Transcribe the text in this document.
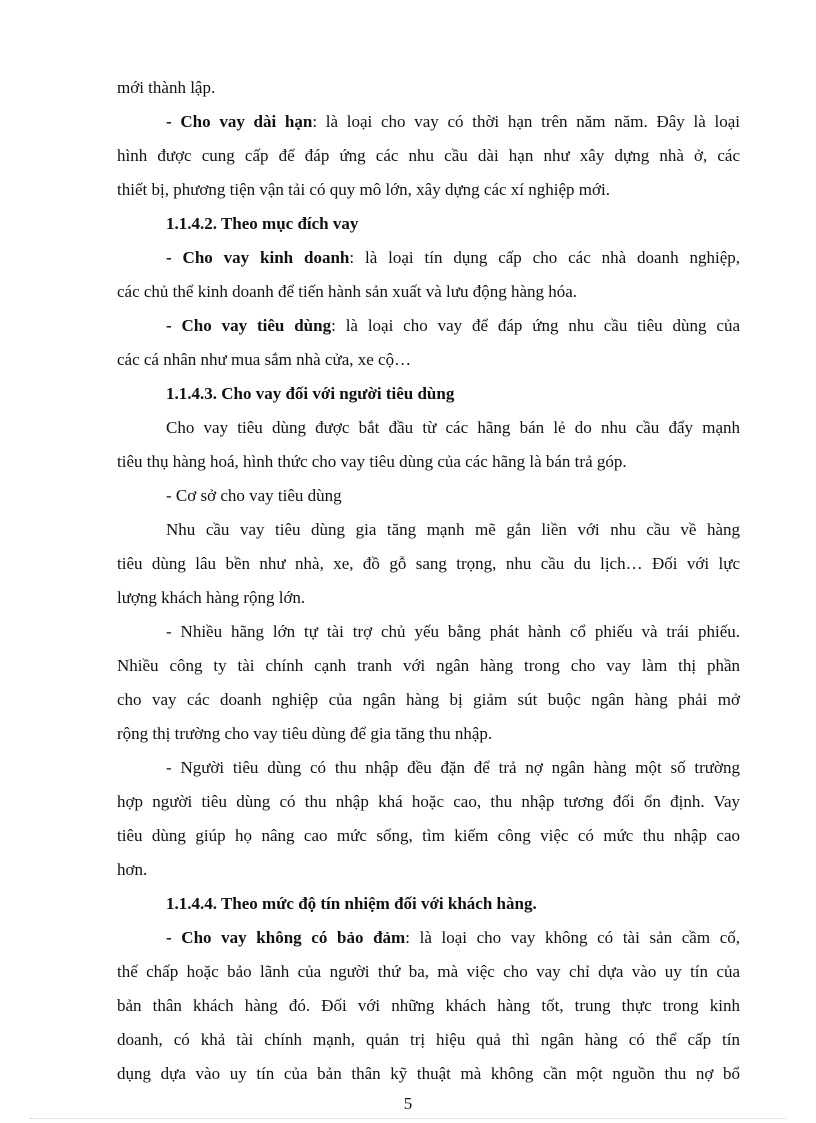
mới thành lập.
- Cho vay dài hạn: là loại cho vay có thời hạn trên năm năm. Đây là loại
hình được cung cấp để đáp ứng các nhu cầu dài hạn như xây dựng nhà ở, các
thiết bị, phương tiện vận tải có quy mô lớn, xây dựng các xí nghiệp mới.
1.1.4.2. Theo mục đích vay
- Cho vay kinh doanh: là loại tín dụng cấp cho các nhà doanh nghiệp,
các chủ thể kinh doanh để tiến hành sản xuất và lưu động hàng hóa.
- Cho vay tiêu dùng: là loại cho vay để đáp ứng nhu cầu tiêu dùng của
các cá nhân như mua sắm nhà cửa, xe cộ…
1.1.4.3. Cho vay đối với người tiêu dùng
Cho vay tiêu dùng được bắt đầu từ các hãng bán lẻ do nhu cầu đẩy mạnh
tiêu thụ hàng hoá, hình thức cho vay tiêu dùng của các hãng là bán trả góp.
- Cơ sở cho vay tiêu dùng
Nhu cầu vay tiêu dùng gia tăng mạnh mẽ gắn liền với nhu cầu về hàng
tiêu dùng lâu bền như nhà, xe, đồ gỗ sang trọng, nhu cầu du lịch… Đối với lực
lượng khách hàng rộng lớn.
- Nhiều hãng lớn tự tài trợ chủ yếu bằng phát hành cổ phiếu và trái phiếu.
Nhiều công ty tài chính cạnh tranh với ngân hàng trong cho vay làm thị phần
cho vay các doanh nghiệp của ngân hàng bị giảm sút buộc ngân hàng phải mở
rộng thị trường cho vay tiêu dùng để gia tăng thu nhập.
- Người tiêu dùng có thu nhập đều đặn để trả nợ ngân hàng một số trường
hợp người tiêu dùng có thu nhập khá hoặc cao, thu nhập tương đối ổn định. Vay
tiêu dùng giúp họ nâng cao mức sống, tìm kiếm công việc có mức thu nhập cao
hơn.
1.1.4.4. Theo mức độ tín nhiệm đối với khách hàng.
- Cho vay không có bảo đảm: là loại cho vay không có tài sản cầm cố,
thế chấp hoặc bảo lãnh của người thứ ba, mà việc cho vay chỉ dựa vào uy tín của
bản thân khách hàng đó. Đối với những khách hàng tốt, trung thực trong kinh
doanh, có khả tài chính mạnh, quản trị hiệu quả thì ngân hàng có thể cấp tín
dụng dựa vào uy tín của bản thân kỹ thuật mà không cần một nguồn thu nợ bổ
5
